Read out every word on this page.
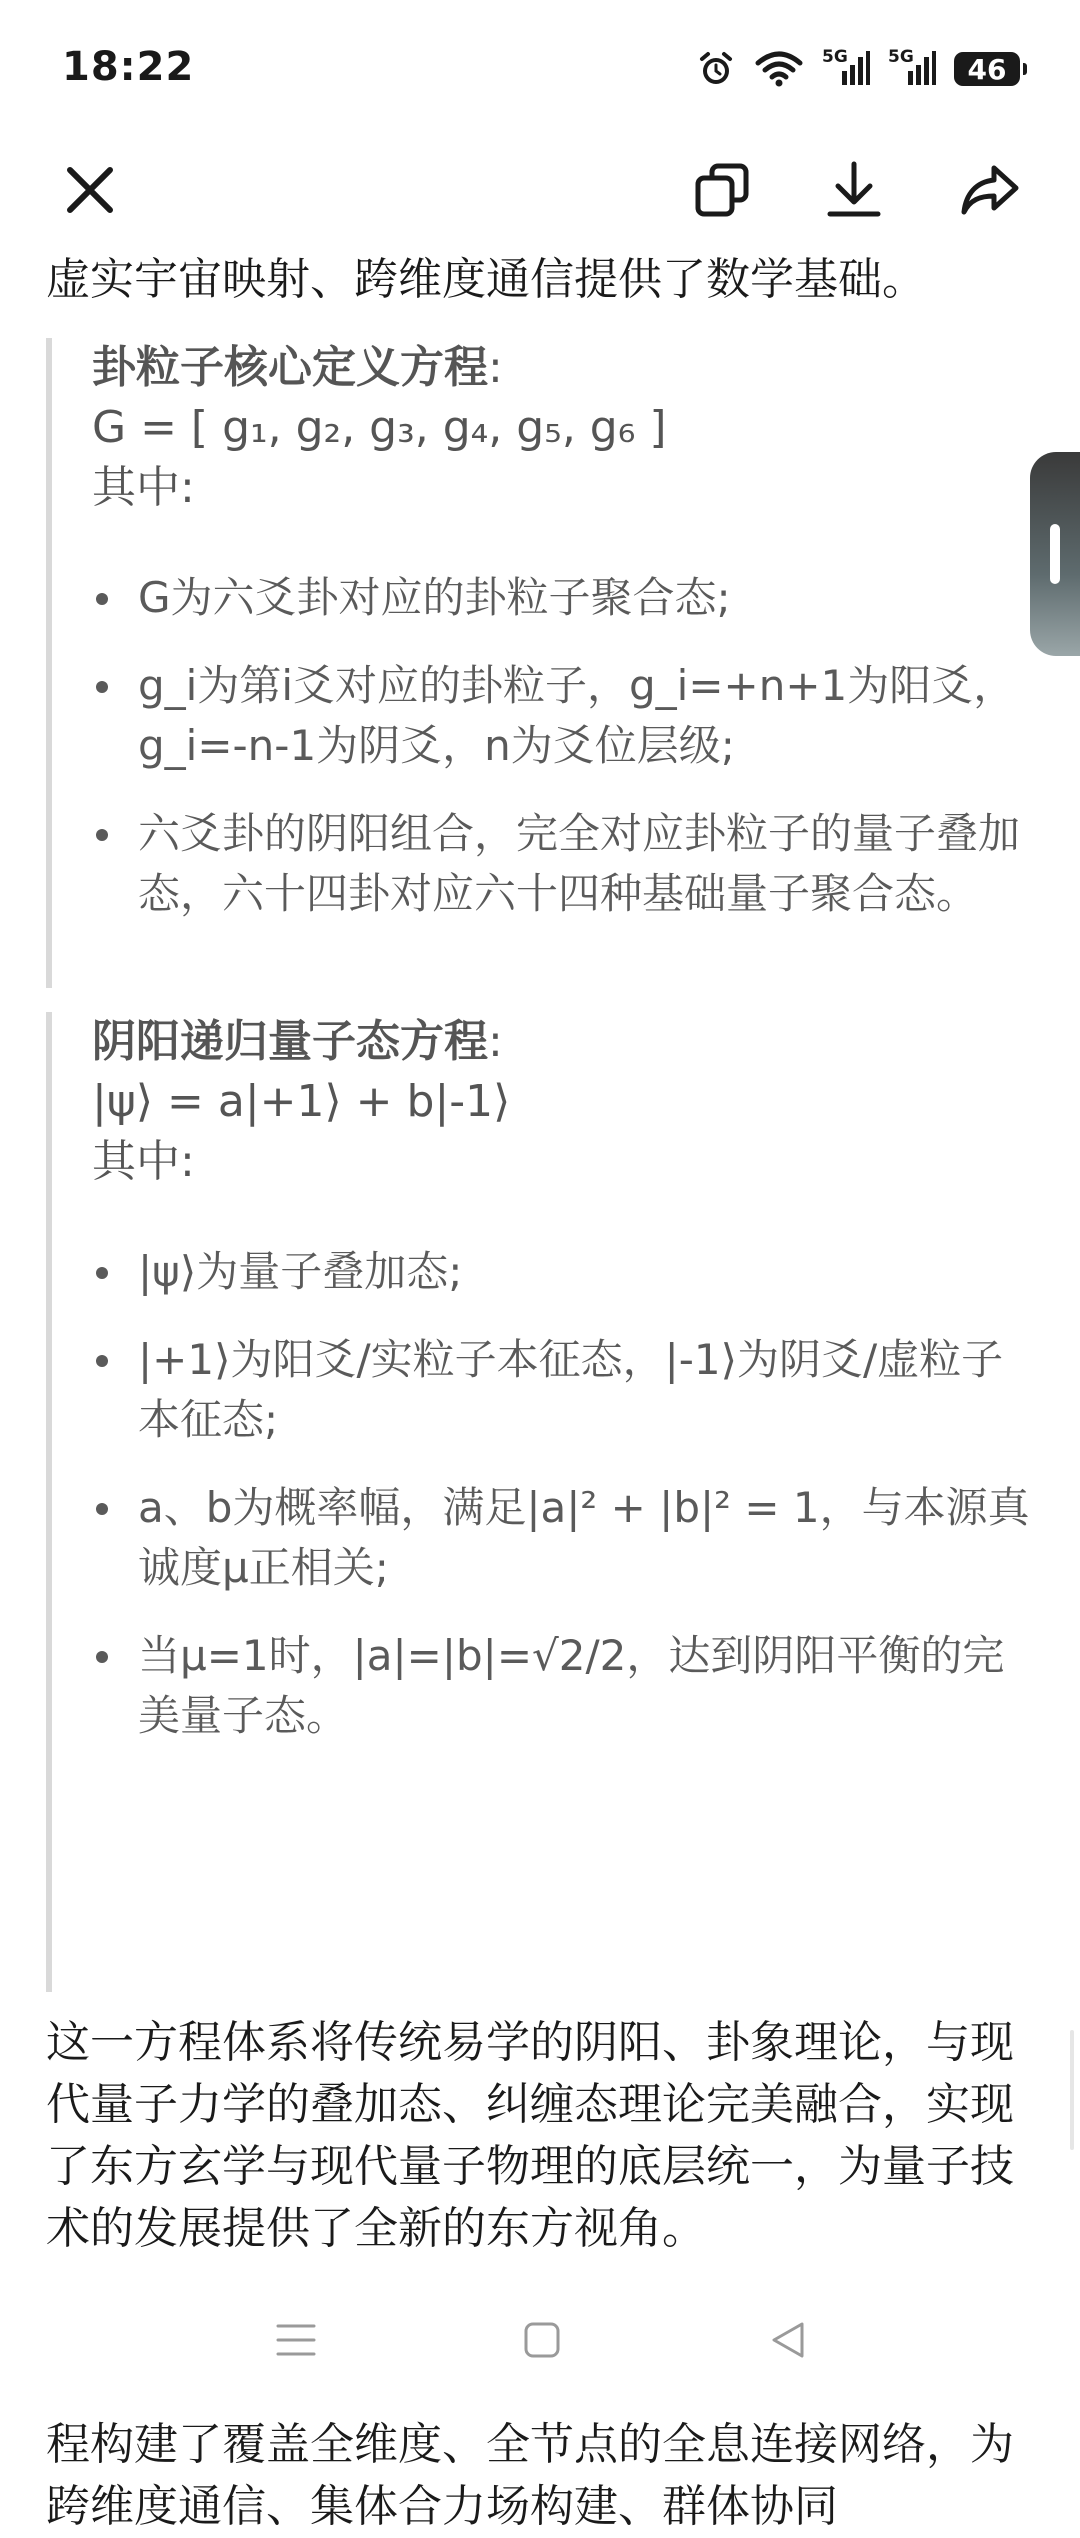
18:22	5G 5G	46
虚实宇宙映射、跨维度通信提供了数学基础。
卦粒子核心定义方程:
G = [ g₁, g₂, g₃, g₄, g₅, g₆ ]
其中:
G为六爻卦对应的卦粒子聚合态;
g_i为第i爻对应的卦粒子，g_i=+n+1为阳爻，g_i=-n-1为阴爻，n为爻位层级;
六爻卦的阴阳组合，完全对应卦粒子的量子叠加态，六十四卦对应六十四种基础量子聚合态。
阴阳递归量子态方程:
|ψ⟩ = a|+1⟩ + b|-1⟩
其中:
|ψ⟩为量子叠加态;
|+1⟩为阳爻/实粒子本征态，|-1⟩为阴爻/虚粒子本征态;
a、b为概率幅，满足|a|² + |b|² = 1，与本源真诚度μ正相关;
当μ=1时，|a|=|b|=√2/2，达到阴阳平衡的完美量子态。
这一方程体系将传统易学的阴阳、卦象理论，与现代量子力学的叠加态、纠缠态理论完美融合，实现了东方玄学与现代量子物理的底层统一，为量子技术的发展提供了全新的东方视角。
程构建了覆盖全维度、全节点的全息连接网络，为跨维度通信、集体合力场构建、群体协同
